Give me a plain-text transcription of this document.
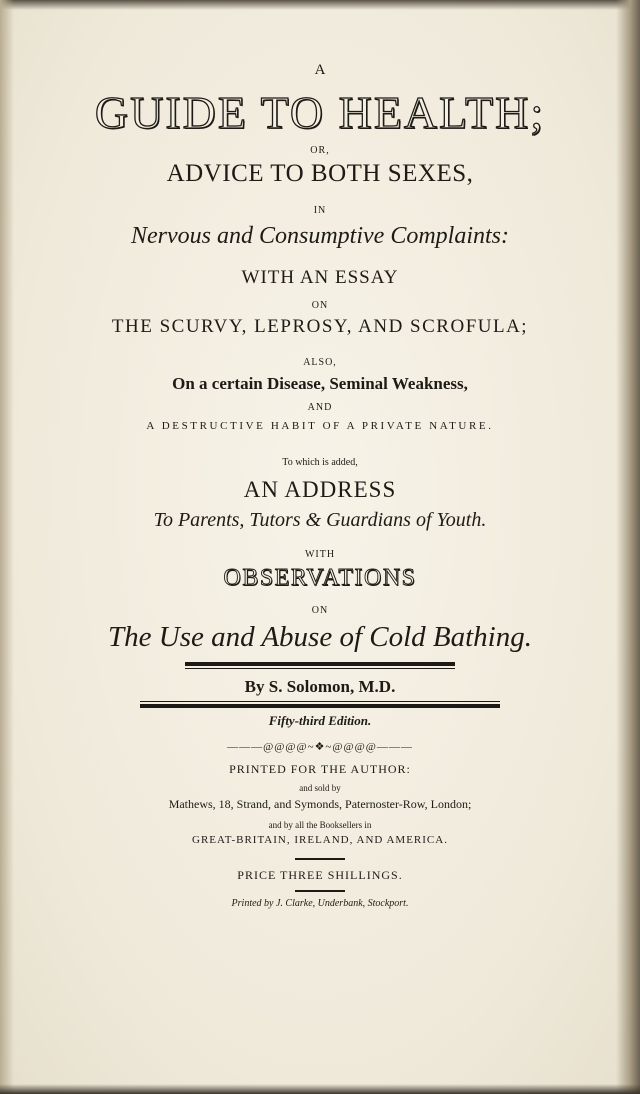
A
GUIDE TO HEALTH;
OR,
ADVICE TO BOTH SEXES,
IN
Nervous and Consumptive Complaints:
WITH AN ESSAY
ON
THE SCURVY, LEPROSY, AND SCROFULA;
ALSO,
On a certain Disease, Seminal Weakness,
AND
A DESTRUCTIVE HABIT OF A PRIVATE NATURE.
To which is added,
AN ADDRESS
To Parents, Tutors & Guardians of Youth.
WITH
OBSERVATIONS
ON
The Use and Abuse of Cold Bathing.
By S. Solomon, M.D.
Fifty-third Edition.
———@@@@~❖~@@@@———
PRINTED FOR THE AUTHOR:
and sold by
Mathews, 18, Strand, and Symonds, Paternoster-Row, London;
and by all the Booksellers in
GREAT-BRITAIN, IRELAND, AND AMERICA.
PRICE THREE SHILLINGS.
Printed by J. Clarke, Underbank, Stockport.
